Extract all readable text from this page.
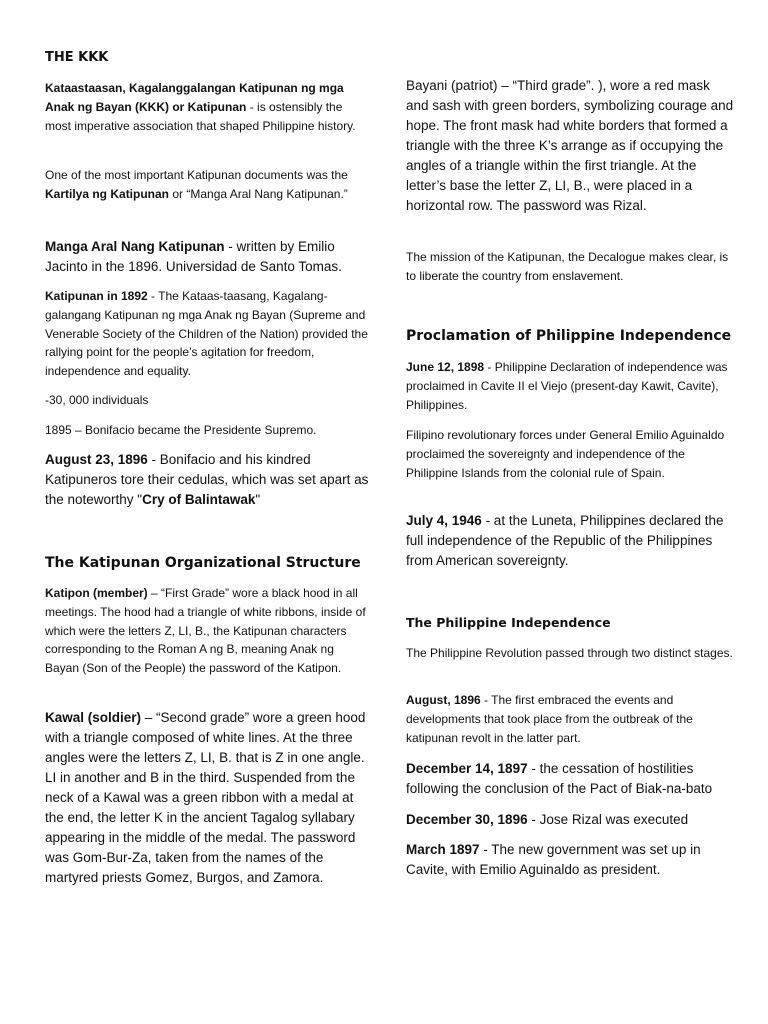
THE KKK

Kataastaasan, Kagalanggalangan Katipunan ng mga Anak ng Bayan (KKK) or Katipunan - is ostensibly the most imperative association that shaped Philippine history.

One of the most important Katipunan documents was the Kartilya ng Katipunan or “Manga Aral Nang Katipunan.”

Manga Aral Nang Katipunan - written by Emilio Jacinto in the 1896. Universidad de Santo Tomas.

Katipunan in 1892 - The Kataas-taasang, Kagalang-galangang Katipunan ng mga Anak ng Bayan (Supreme and Venerable Society of the Children of the Nation) provided the rallying point for the people’s agitation for freedom, independence and equality.

-30, 000 individuals

1895 – Bonifacio became the Presidente Supremo.

August 23, 1896 - Bonifacio and his kindred Katipuneros tore their cedulas, which was set apart as the noteworthy "Cry of Balintawak"

The Katipunan Organizational Structure

Katipon (member) – “First Grade” wore a black hood in all meetings. The hood had a triangle of white ribbons, inside of which were the letters Z, LI, B., the Katipunan characters corresponding to the Roman A ng B, meaning Anak ng Bayan (Son of the People) the password of the Katipon.

Kawal (soldier) – “Second grade” wore a green hood with a triangle composed of white lines. At the three angles were the letters Z, LI, B. that is Z in one angle. LI in another and B in the third. Suspended from the neck of a Kawal was a green ribbon with a medal at the end, the letter K in the ancient Tagalog syllabary appearing in the middle of the medal. The password was Gom-Bur-Za, taken from the names of the martyred priests Gomez, Burgos, and Zamora.

Bayani (patriot) – “Third grade”. ), wore a red mask and sash with green borders, symbolizing courage and hope. The front mask had white borders that formed a triangle with the three K’s arrange as if occupying the angles of a triangle within the first triangle. At the letter’s base the letter Z, LI, B., were placed in a horizontal row. The password was Rizal.

The mission of the Katipunan, the Decalogue makes clear, is to liberate the country from enslavement.

Proclamation of Philippine Independence

June 12, 1898 - Philippine Declaration of independence was proclaimed in Cavite II el Viejo (present-day Kawit, Cavite), Philippines.

Filipino revolutionary forces under General Emilio Aguinaldo proclaimed the sovereignty and independence of the Philippine Islands from the colonial rule of Spain.

July 4, 1946 - at the Luneta, Philippines declared the full independence of the Republic of the Philippines from American sovereignty.

The Philippine Independence

The Philippine Revolution passed through two distinct stages.

August, 1896 - The first embraced the events and developments that took place from the outbreak of the katipunan revolt in the latter part.

December 14, 1897 - the cessation of hostilities following the conclusion of the Pact of Biak-na-bato

December 30, 1896 - Jose Rizal was executed

March 1897 - The new government was set up in Cavite, with Emilio Aguinaldo as president.
